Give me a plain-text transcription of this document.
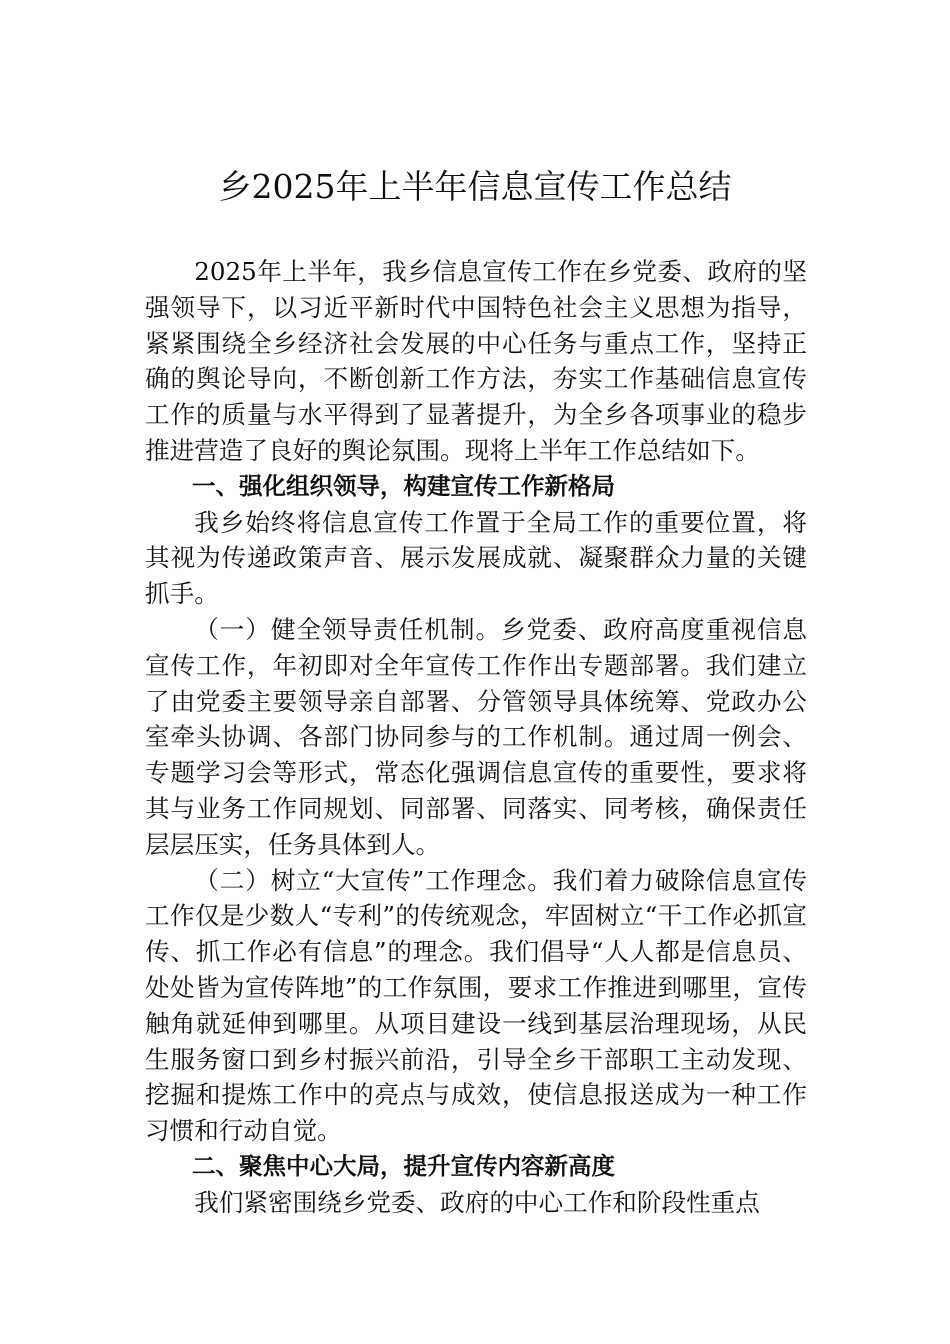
乡2025年上半年信息宣传工作总结

2025年上半年，我乡信息宣传工作在乡党委、政府的坚强领导下，以习近平新时代中国特色社会主义思想为指导，紧紧围绕全乡经济社会发展的中心任务与重点工作，坚持正确的舆论导向，不断创新工作方法，夯实工作基础信息宣传工作的质量与水平得到了显著提升，为全乡各项事业的稳步推进营造了良好的舆论氛围。现将上半年工作总结如下。

一、强化组织领导，构建宣传工作新格局

我乡始终将信息宣传工作置于全局工作的重要位置，将其视为传递政策声音、展示发展成就、凝聚群众力量的关键抓手。

（一）健全领导责任机制。乡党委、政府高度重视信息宣传工作，年初即对全年宣传工作作出专题部署。我们建立了由党委主要领导亲自部署、分管领导具体统筹、党政办公室牵头协调、各部门协同参与的工作机制。通过周一例会、专题学习会等形式，常态化强调信息宣传的重要性，要求将其与业务工作同规划、同部署、同落实、同考核，确保责任层层压实，任务具体到人。

（二）树立“大宣传”工作理念。我们着力破除信息宣传工作仅是少数人“专利”的传统观念，牢固树立“干工作必抓宣传、抓工作必有信息”的理念。我们倡导“人人都是信息员、处处皆为宣传阵地”的工作氛围，要求工作推进到哪里，宣传触角就延伸到哪里。从项目建设一线到基层治理现场，从民生服务窗口到乡村振兴前沿，引导全乡干部职工主动发现、挖掘和提炼工作中的亮点与成效，使信息报送成为一种工作习惯和行动自觉。

二、聚焦中心大局，提升宣传内容新高度

我们紧密围绕乡党委、政府的中心工作和阶段性重点
